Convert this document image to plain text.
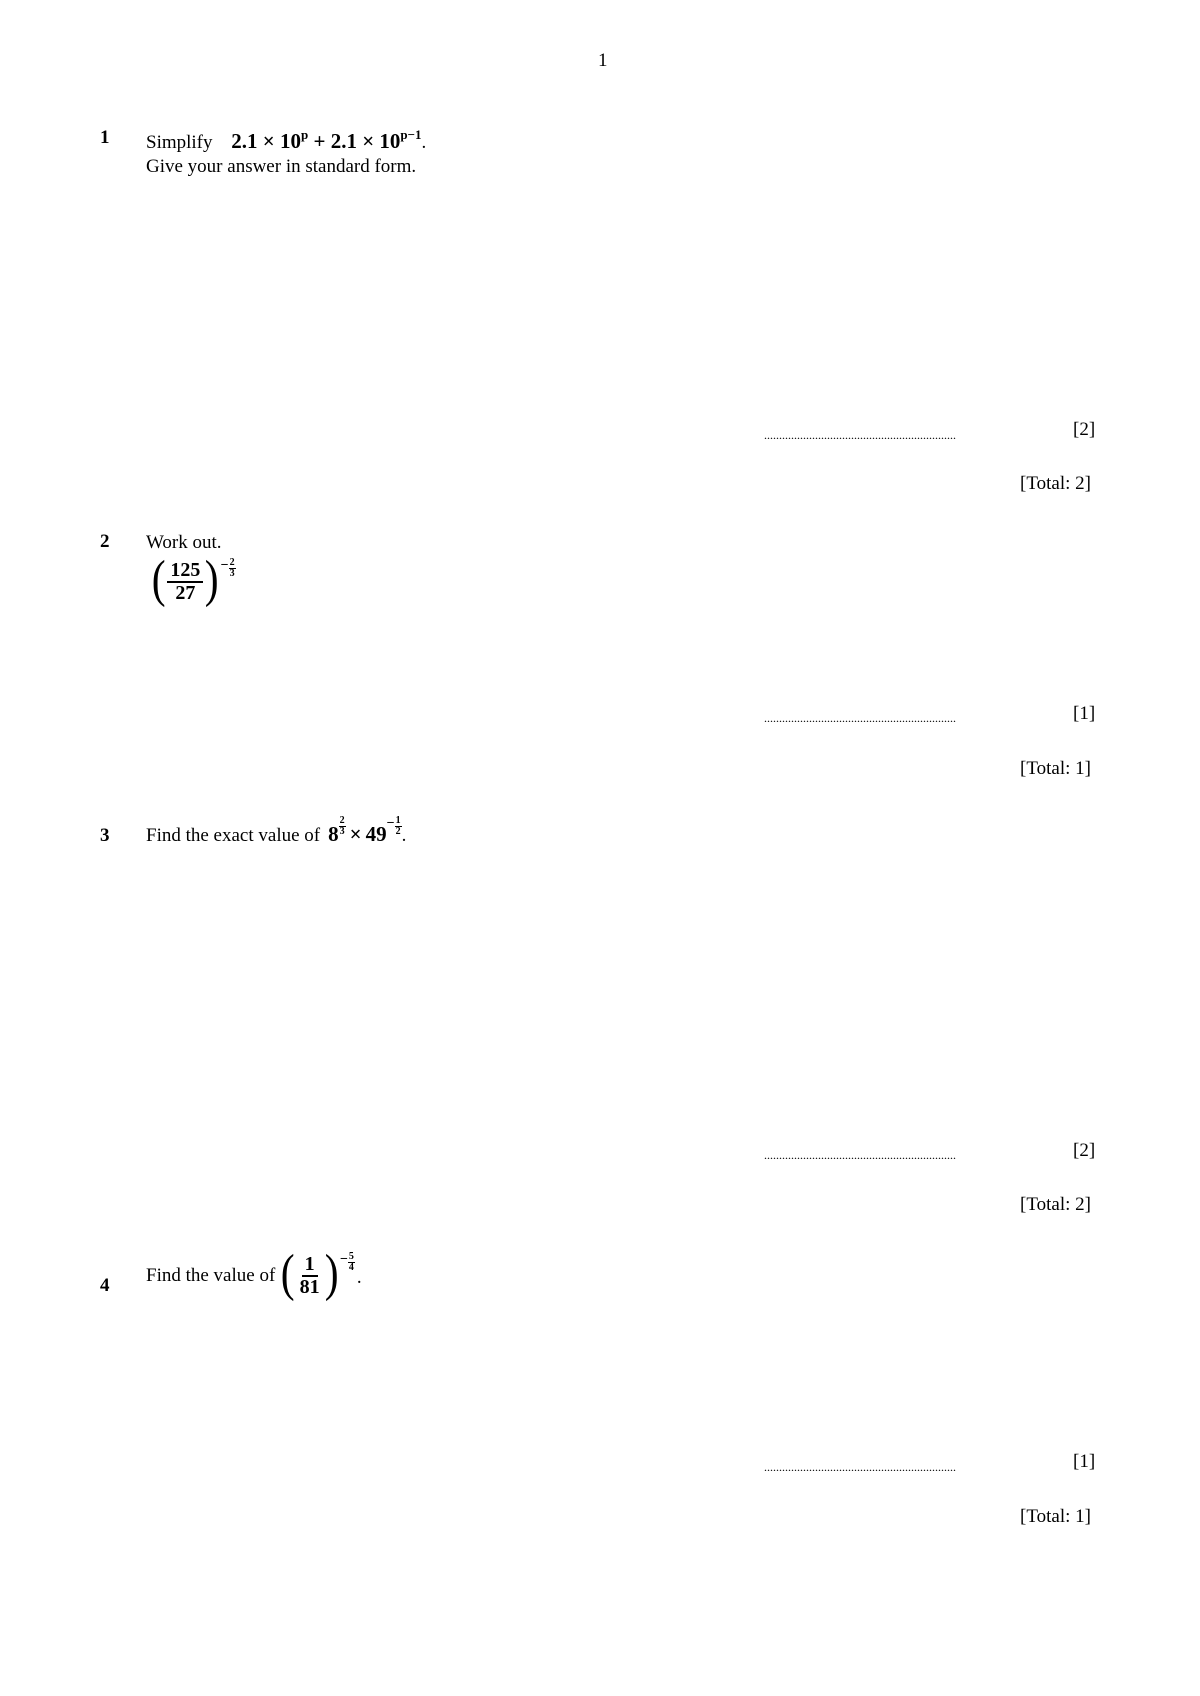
1
1 Simplify $2.1 \times 10^p + 2.1 \times 10^{p-1}$.
Give your answer in standard form.
................................................................	[2]
[Total: 2]
2 Work out.
( $\frac{125}{27}$ ) − $\frac{2}{3}$
................................................................	[1]
[Total: 1]
3 Find the exact value of $8 \frac{2}{3} \times 49 - \frac{1}{2}$ .
................................................................	[2]
[Total: 2]
4 Find the value of ( $\frac{1}{81}$ ) − $\frac{5}{4}$
.
................................................................	[1]
[Total: 1]
